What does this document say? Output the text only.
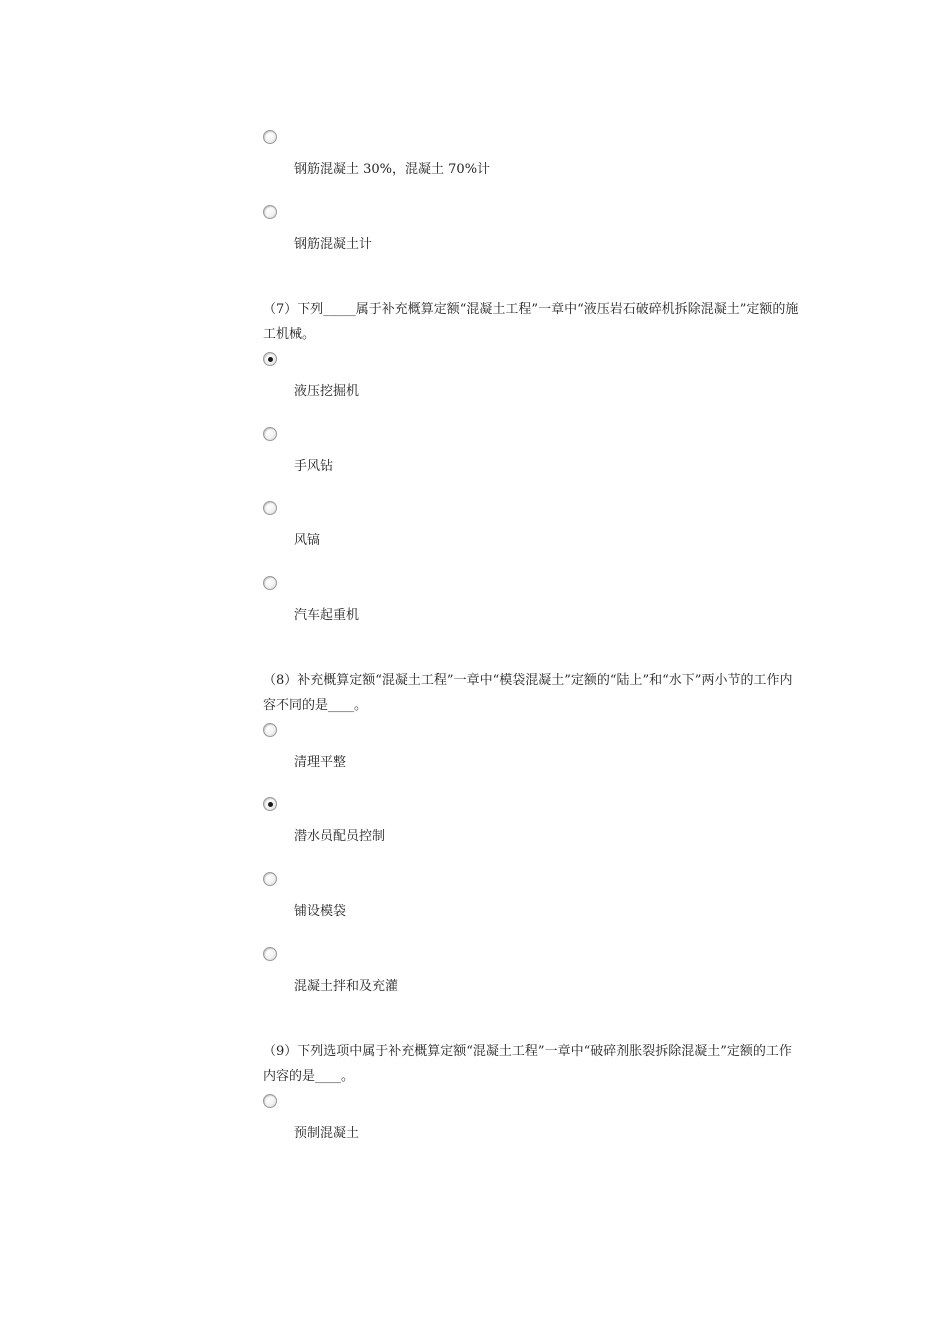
钢筋混凝土 30%，混凝土 70%计
钢筋混凝土计
（7）下列_____属于补充概算定额“混凝土工程”一章中“液压岩石破碎机拆除混凝土”定额的施工机械。
液压挖掘机
手风钻
风镐
汽车起重机
（8）补充概算定额“混凝土工程”一章中“模袋混凝土”定额的“陆上”和“水下”两小节的工作内容不同的是____。
清理平整
潜水员配员控制
铺设模袋
混凝土拌和及充灌
（9）下列选项中属于补充概算定额“混凝土工程”一章中“破碎剂胀裂拆除混凝土”定额的工作内容的是____。
预制混凝土
